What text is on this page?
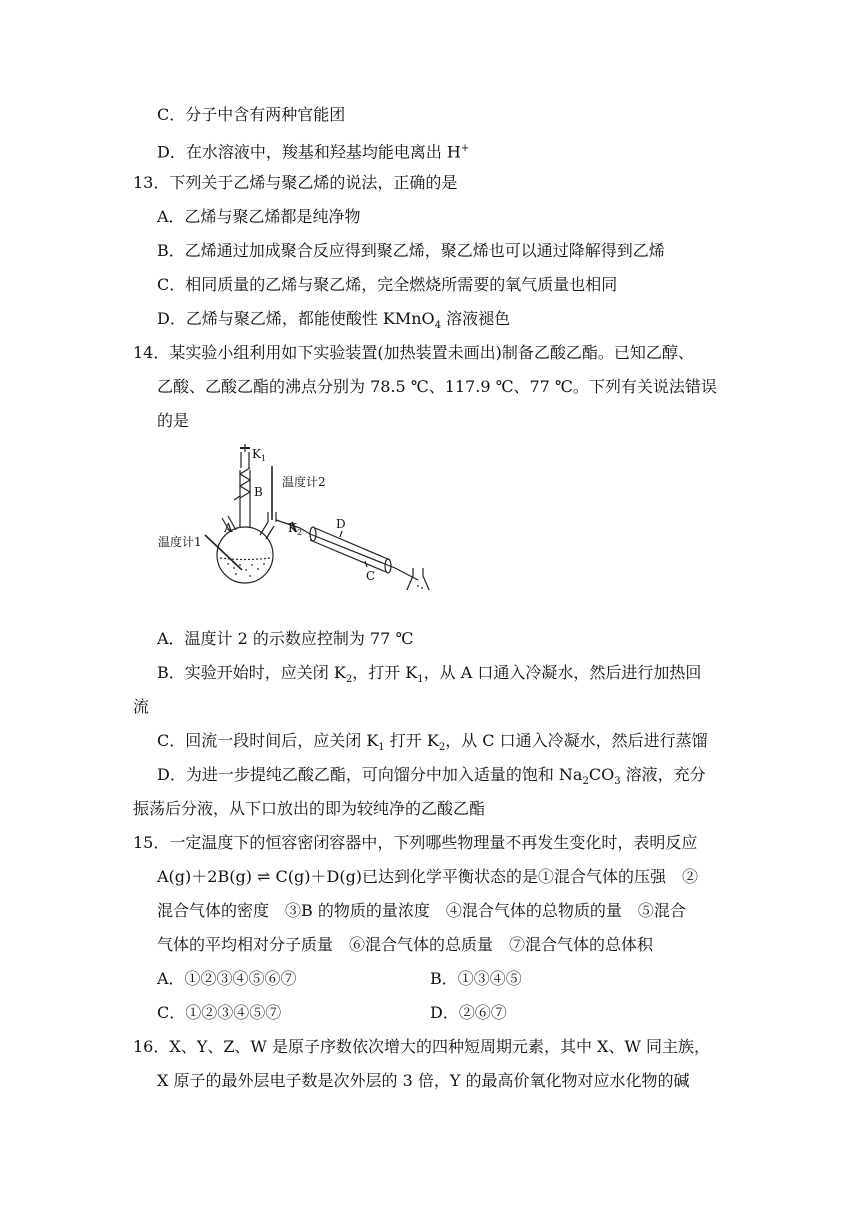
C．分子中含有两种官能团
D．在水溶液中，羧基和羟基均能电离出 H+
13．下列关于乙烯与聚乙烯的说法，正确的是
A．乙烯与聚乙烯都是纯净物
B．乙烯通过加成聚合反应得到聚乙烯，聚乙烯也可以通过降解得到乙烯
C．相同质量的乙烯与聚乙烯，完全燃烧所需要的氧气质量也相同
D．乙烯与聚乙烯，都能使酸性 KMnO$_4$ 溶液褪色
14．某实验小组利用如下实验装置(加热装置未画出)制备乙酸乙酯。已知乙醇、
乙酸、乙酸乙酯的沸点分别为 78.5 ℃、117.9 ℃、77 ℃。下列有关说法错误
的是
$K_1$
B
温度计2
A
温度计1
$K_2$
D
C
A．温度计 2 的示数应控制为 77 ℃
B．实验开始时，应关闭 $K_2$，打开 $K_1$，从 A 口通入冷凝水，然后进行加热回
流
C．回流一段时间后，应关闭 $K_1$ 打开 $K_2$，从 C 口通入冷凝水，然后进行蒸馏
D．为进一步提纯乙酸乙酯，可向馏分中加入适量的饱和 $Na_2CO_3$ 溶液，充分
振荡后分液，从下口放出的即为较纯净的乙酸乙酯
15．一定温度下的恒容密闭容器中，下列哪些物理量不再发生变化时，表明反应
A(g)＋2B(g) ⇌ C(g)＋D(g)已达到化学平衡状态的是①混合气体的压强　②
混合气体的密度　③B 的物质的量浓度　④混合气体的总物质的量　⑤混合
气体的平均相对分子质量　⑥混合气体的总质量　⑦混合气体的总体积
A．①②③④⑤⑥⑦	B．①③④⑤
C．①②③④⑤⑦	D．②⑥⑦
16．X、Y、Z、W 是原子序数依次增大的四种短周期元素，其中 X、W 同主族，
X 原子的最外层电子数是次外层的 3 倍，Y 的最高价氧化物对应水化物的碱
